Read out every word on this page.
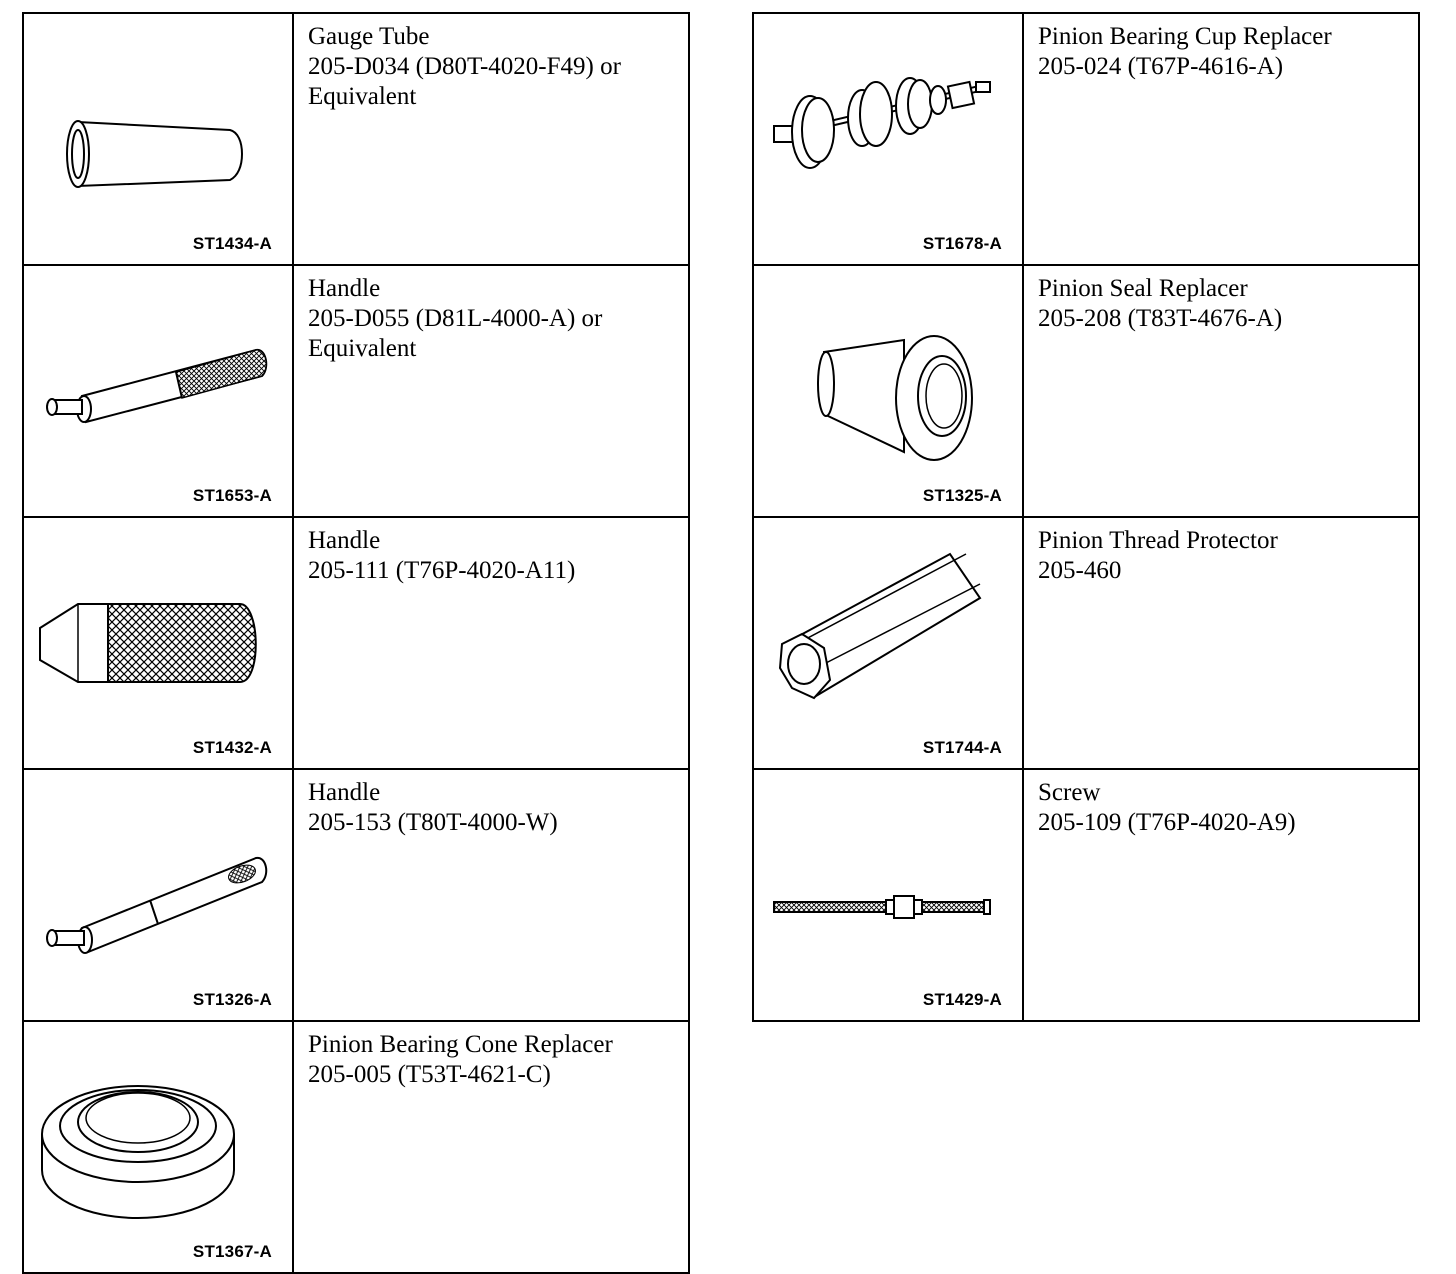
ST1434-A	Gauge Tube
205-D034 (D80T-4020-F49) or
Equivalent

ST1653-A	Handle
205-D055 (D81L-4000-A) or
Equivalent

ST1432-A	Handle
205-111 (T76P-4020-A11)

ST1326-A	Handle
205-153 (T80T-4000-W)

ST1367-A	Pinion Bearing Cone Replacer
205-005 (T53T-4621-C)
ST1678-A	Pinion Bearing Cup Replacer
205-024 (T67P-4616-A)

ST1325-A	Pinion Seal Replacer
205-208 (T83T-4676-A)

ST1744-A	Pinion Thread Protector
205-460

ST1429-A	Screw
205-109 (T76P-4020-A9)
